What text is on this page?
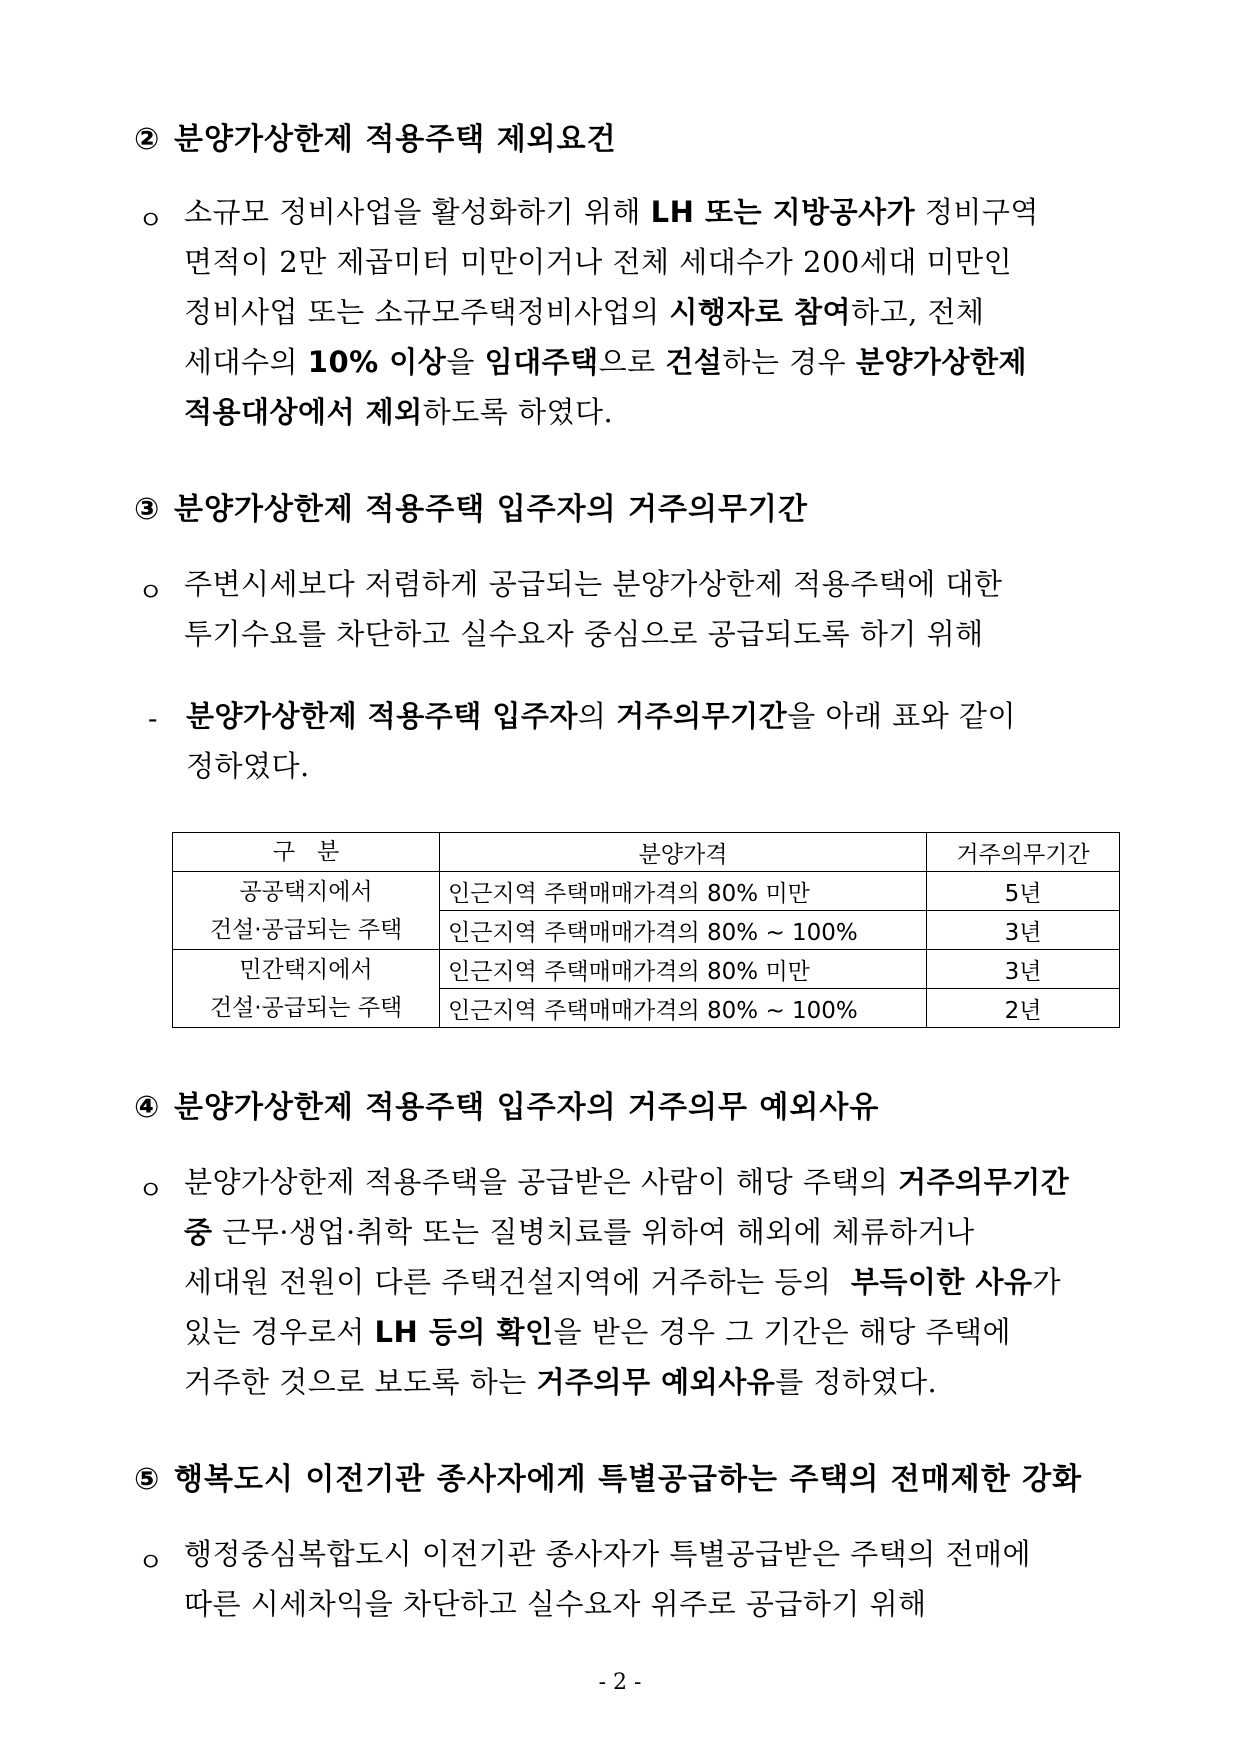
② 분양가상한제 적용주택 제외요건
ㅇ 소규모 정비사업을 활성화하기 위해 LH 또는 지방공사가 정비구역
면적이 2만 제곱미터 미만이거나 전체 세대수가 200세대 미만인
정비사업 또는 소규모주택정비사업의 시행자로 참여하고, 전체
세대수의 10% 이상을 임대주택으로 건설하는 경우 분양가상한제
적용대상에서 제외하도록 하였다.
③ 분양가상한제 적용주택 입주자의 거주의무기간
ㅇ 주변시세보다 저렴하게 공급되는 분양가상한제 적용주택에 대한
투기수요를 차단하고 실수요자 중심으로 공급되도록 하기 위해
- 분양가상한제 적용주택 입주자의 거주의무기간을 아래 표와 같이
정하였다.
구   분	분양가격	거주의무기간
공공택지에서
건설·공급되는 주택	인근지역 주택매매가격의 80% 미만	5년
	인근지역 주택매매가격의 80% ~ 100%	3년
민간택지에서
건설·공급되는 주택	인근지역 주택매매가격의 80% 미만	3년
	인근지역 주택매매가격의 80% ~ 100%	2년
④ 분양가상한제 적용주택 입주자의 거주의무 예외사유
ㅇ 분양가상한제 적용주택을 공급받은 사람이 해당 주택의 거주의무기간
중 근무·생업·취학 또는 질병치료를 위하여 해외에 체류하거나
세대원 전원이 다른 주택건설지역에 거주하는 등의  부득이한 사유가
있는 경우로서 LH 등의 확인을 받은 경우 그 기간은 해당 주택에
거주한 것으로 보도록 하는 거주의무 예외사유를 정하였다.
⑤ 행복도시 이전기관 종사자에게 특별공급하는 주택의 전매제한 강화
ㅇ 행정중심복합도시 이전기관 종사자가 특별공급받은 주택의 전매에
따른 시세차익을 차단하고 실수요자 위주로 공급하기 위해
- 2 -
